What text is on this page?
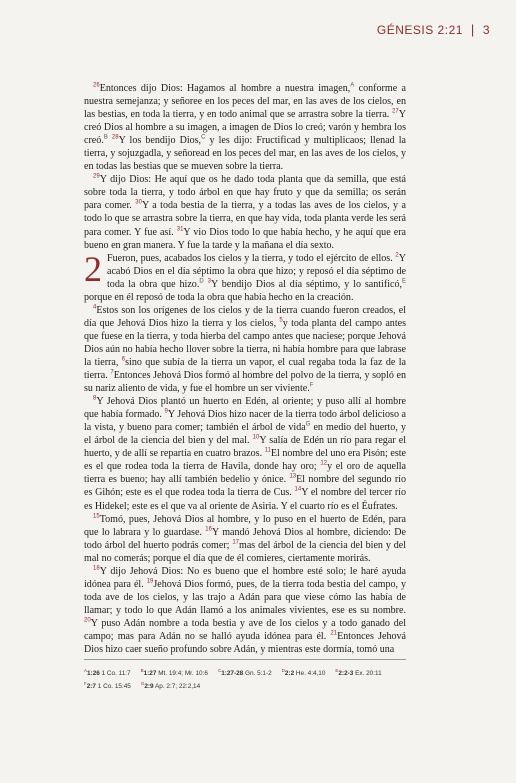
GÉNESIS 2:21 | 3

$^{26}$Entonces dijo Dios: Hagamos al hombre a nuestra imagen,$^A$ conforme a nuestra semejanza; y señoree en los peces del mar, en las aves de los cielos, en las bestias, en toda la tierra, y en todo animal que se arrastra sobre la tierra. $^{27}$Y creó Dios al hombre a su imagen, a imagen de Dios lo creó; varón y hembra los creó.$^B$ $^{28}$Y los bendijo Dios,$^C$ y les dijo: Fructificad y multiplicaos; llenad la tierra, y sojuzgadla, y señoread en los peces del mar, en las aves de los cielos, y en todas las bestias que se mueven sobre la tierra.

$^{29}$Y dijo Dios: He aquí que os he dado toda planta que da semilla, que está sobre toda la tierra, y todo árbol en que hay fruto y que da semilla; os serán para comer. $^{30}$Y a toda bestia de la tierra, y a todas las aves de los cielos, y a todo lo que se arrastra sobre la tierra, en que hay vida, toda planta verde les será para comer. Y fue así. $^{31}$Y vio Dios todo lo que había hecho, y he aquí que era bueno en gran manera. Y fue la tarde y la mañana el día sexto.

2 Fueron, pues, acabados los cielos y la tierra, y todo el ejército de ellos. $^2$Y acabó Dios en el día séptimo la obra que hizo; y reposó el día séptimo de toda la obra que hizo.$^D$ $^3$Y bendijo Dios al día séptimo, y lo santificó,$^E$ porque en él reposó de toda la obra que había hecho en la creación.

$^4$Estos son los orígenes de los cielos y de la tierra cuando fueron creados, el día que Jehová Dios hizo la tierra y los cielos, $^5$y toda planta del campo antes que fuese en la tierra, y toda hierba del campo antes que naciese; porque Jehová Dios aún no había hecho llover sobre la tierra, ni había hombre para que labrase la tierra, $^6$sino que subía de la tierra un vapor, el cual regaba toda la faz de la tierra. $^7$Entonces Jehová Dios formó al hombre del polvo de la tierra, y sopló en su nariz aliento de vida, y fue el hombre un ser viviente.$^F$

$^8$Y Jehová Dios plantó un huerto en Edén, al oriente; y puso allí al hombre que había formado. $^9$Y Jehová Dios hizo nacer de la tierra todo árbol delicioso a la vista, y bueno para comer; también el árbol de vida$^G$ en medio del huerto, y el árbol de la ciencia del bien y del mal. $^{10}$Y salía de Edén un río para regar el huerto, y de allí se repartía en cuatro brazos. $^{11}$El nombre del uno era Pisón; este es el que rodea toda la tierra de Havila, donde hay oro; $^{12}$y el oro de aquella tierra es bueno; hay allí también bedelio y ónice. $^{13}$El nombre del segundo río es Gihón; este es el que rodea toda la tierra de Cus. $^{14}$Y el nombre del tercer río es Hidekel; este es el que va al oriente de Asiria. Y el cuarto río es el Éufrates.

$^{15}$Tomó, pues, Jehová Dios al hombre, y lo puso en el huerto de Edén, para que lo labrara y lo guardase. $^{16}$Y mandó Jehová Dios al hombre, diciendo: De todo árbol del huerto podrás comer; $^{17}$mas del árbol de la ciencia del bien y del mal no comerás; porque el día que de él comieres, ciertamente morirás.

$^{18}$Y dijo Jehová Dios: No es bueno que el hombre esté solo; le haré ayuda idónea para él. $^{19}$Jehová Dios formó, pues, de la tierra toda bestia del campo, y toda ave de los cielos, y las trajo a Adán para que viese cómo las había de llamar; y todo lo que Adán llamó a los animales vivientes, ese es su nombre. $^{20}$Y puso Adán nombre a toda bestia y ave de los cielos y a todo ganado del campo; mas para Adán no se halló ayuda idónea para él. $^{21}$Entonces Jehová Dios hizo caer sueño profundo sobre Adán, y mientras este dormía, tomó una

$^A$1:26 1 Co. 11:7 $^B$1:27 Mt. 19:4; Mr. 10:6 $^C$1:27-28 Gn. 5:1-2 $^D$2:2 He. 4:4,10 $^E$2:2-3 Ex. 20:11
$^F$2:7 1 Co. 15:45 $^G$2:9 Ap. 2:7; 22:2,14
